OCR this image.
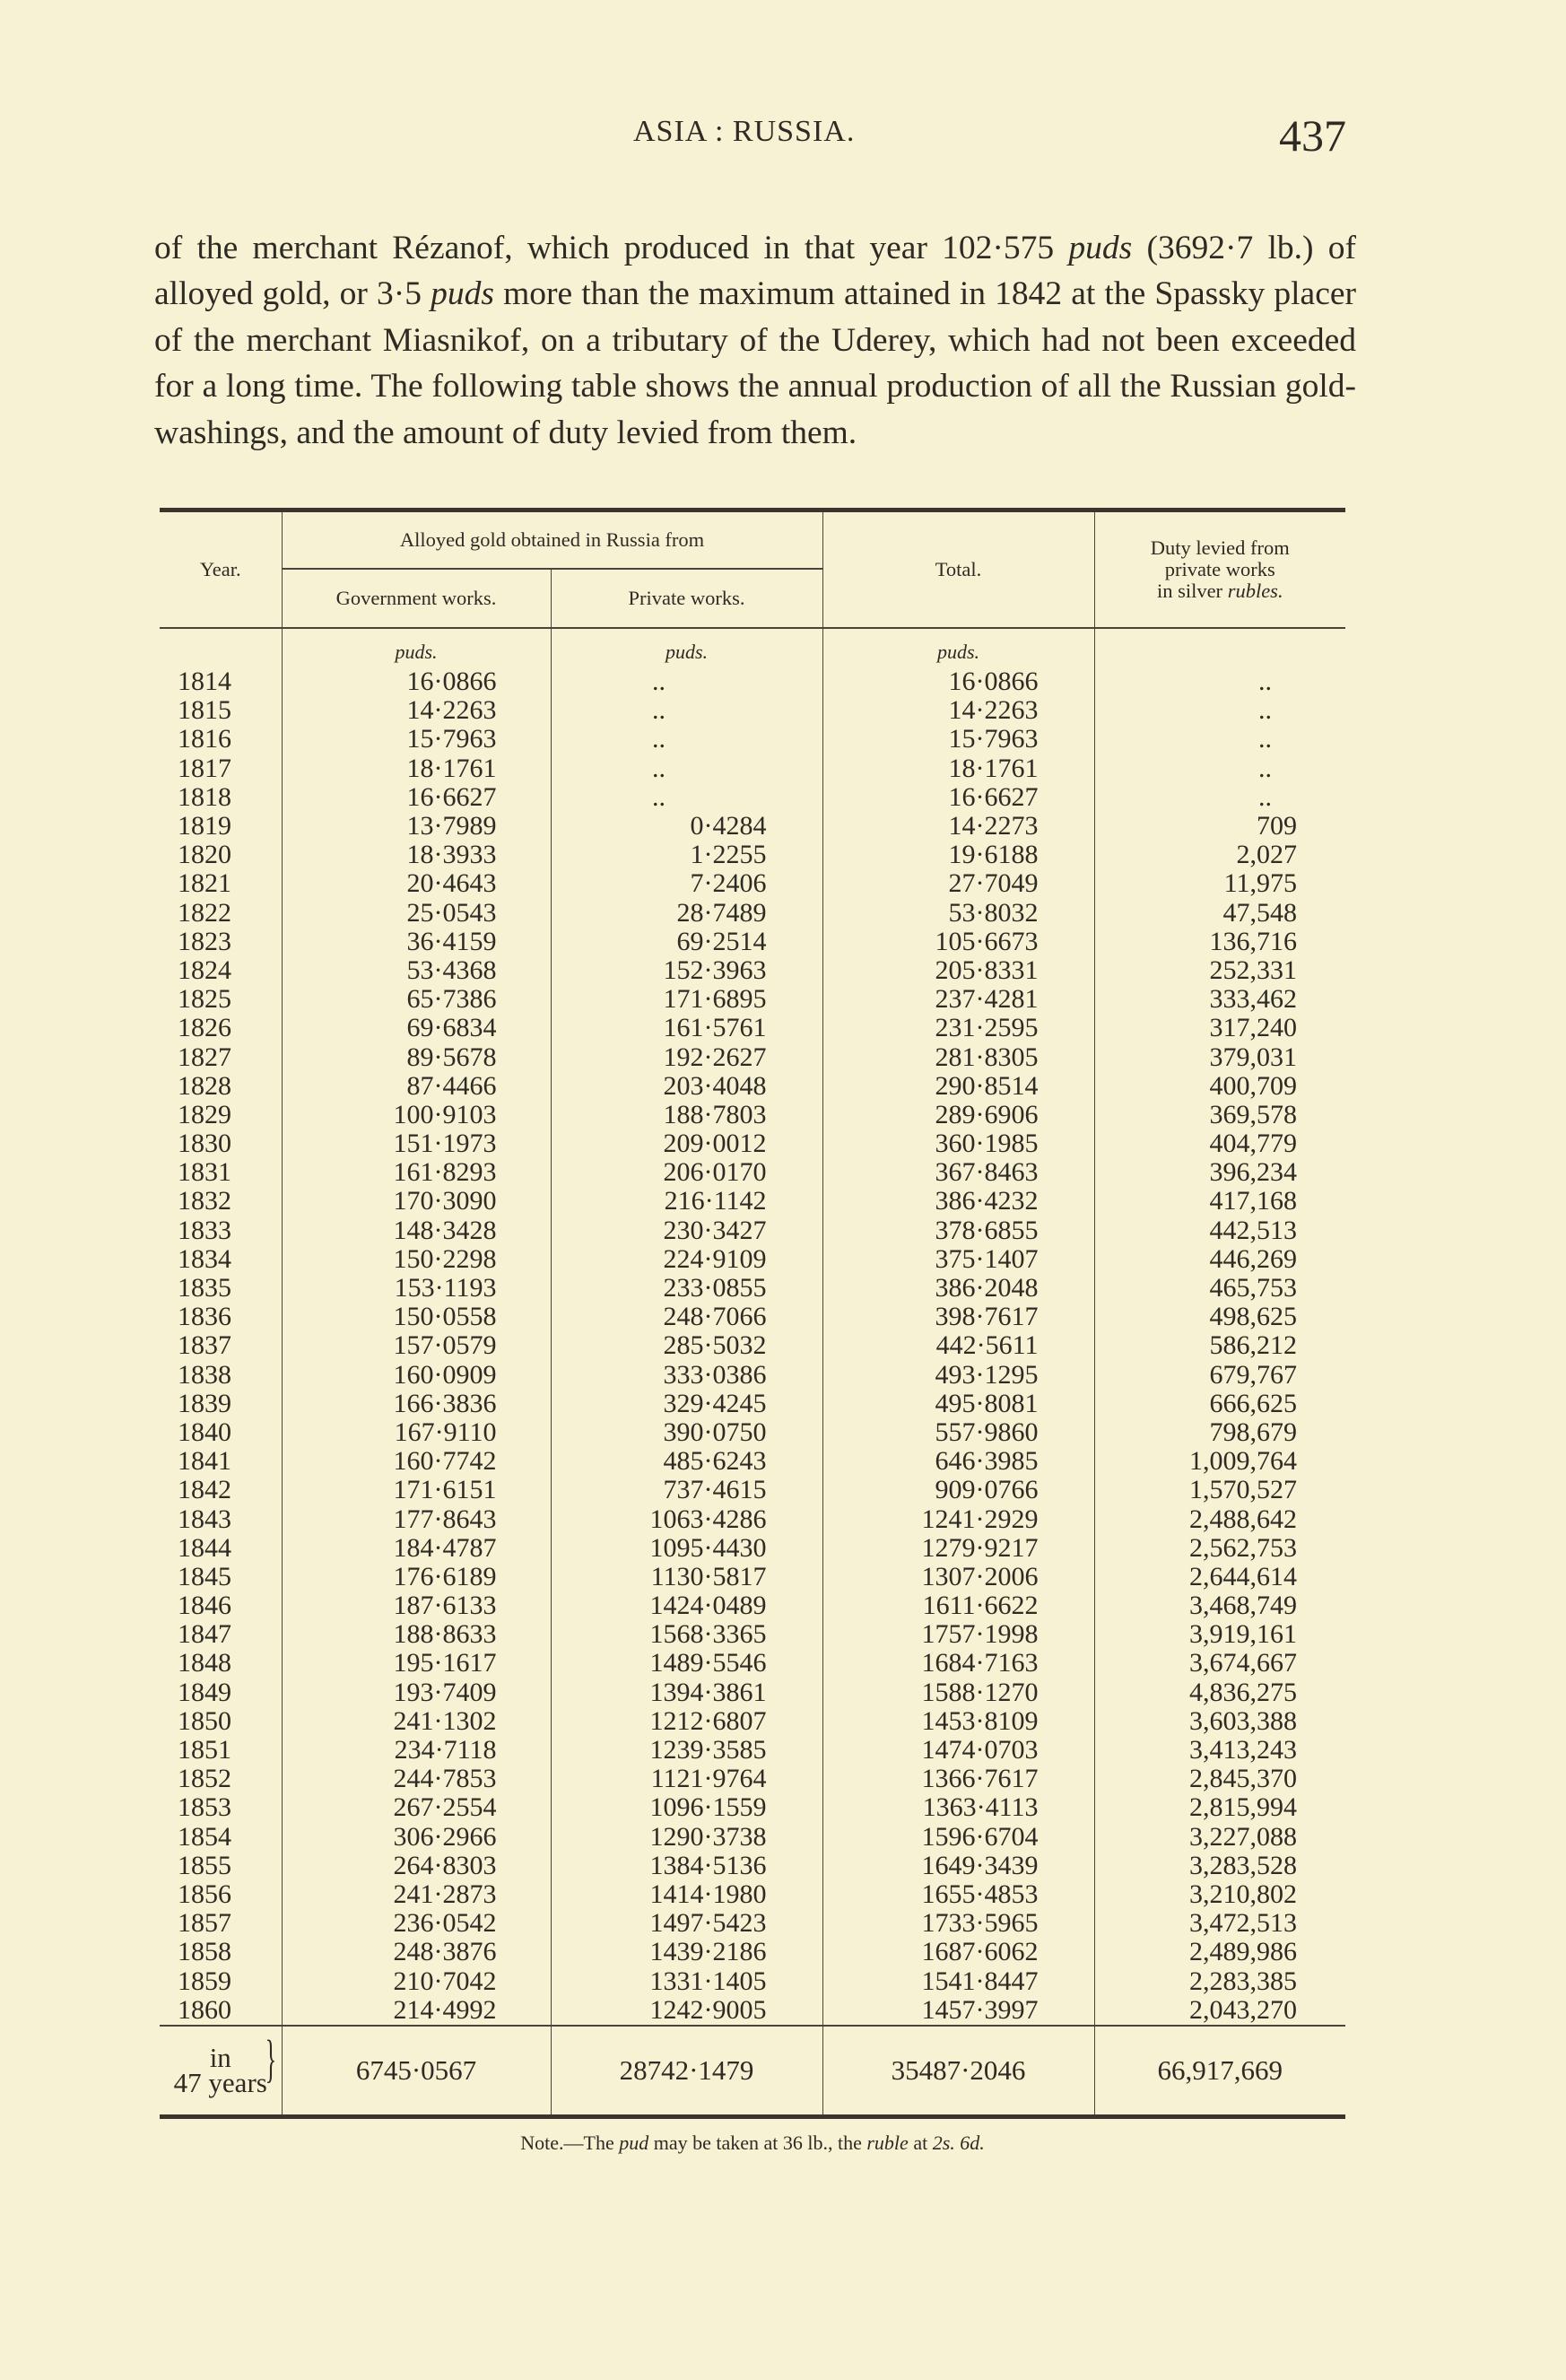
ASIA : RUSSIA.	437

of the merchant Rézanof, which produced in that year 102·575 puds (3692·7 lb.) of alloyed gold, or 3·5 puds more than the maximum attained in 1842 at the Spassky placer of the merchant Miasnikof, on a tributary of the Uderey, which had not been exceeded for a long time. The following table shows the annual production of all the Russian gold-washings, and the amount of duty levied from them.

Year.	Alloyed gold obtained in Russia from		Total.	Duty levied from
private works
in silver rubles.

	Government works.	Private works.		

	puds.	puds.	puds.	
1814	16·0866	..	16·0866	..
1815	14·2263	..	14·2263	..
1816	15·7963	..	15·7963	..
1817	18·1761	..	18·1761	..
1818	16·6627	..	16·6627	..
1819	13·7989	0·4284	14·2273	709
1820	18·3933	1·2255	19·6188	2,027
1821	20·4643	7·2406	27·7049	11,975
1822	25·0543	28·7489	53·8032	47,548
1823	36·4159	69·2514	105·6673	136,716
1824	53·4368	152·3963	205·8331	252,331
1825	65·7386	171·6895	237·4281	333,462
1826	69·6834	161·5761	231·2595	317,240
1827	89·5678	192·2627	281·8305	379,031
1828	87·4466	203·4048	290·8514	400,709
1829	100·9103	188·7803	289·6906	369,578
1830	151·1973	209·0012	360·1985	404,779
1831	161·8293	206·0170	367·8463	396,234
1832	170·3090	216·1142	386·4232	417,168
1833	148·3428	230·3427	378·6855	442,513
1834	150·2298	224·9109	375·1407	446,269
1835	153·1193	233·0855	386·2048	465,753
1836	150·0558	248·7066	398·7617	498,625
1837	157·0579	285·5032	442·5611	586,212
1838	160·0909	333·0386	493·1295	679,767
1839	166·3836	329·4245	495·8081	666,625
1840	167·9110	390·0750	557·9860	798,679
1841	160·7742	485·6243	646·3985	1,009,764
1842	171·6151	737·4615	909·0766	1,570,527
1843	177·8643	1063·4286	1241·2929	2,488,642
1844	184·4787	1095·4430	1279·9217	2,562,753
1845	176·6189	1130·5817	1307·2006	2,644,614
1846	187·6133	1424·0489	1611·6622	3,468,749
1847	188·8633	1568·3365	1757·1998	3,919,161
1848	195·1617	1489·5546	1684·7163	3,674,667
1849	193·7409	1394·3861	1588·1270	4,836,275
1850	241·1302	1212·6807	1453·8109	3,603,388
1851	234·7118	1239·3585	1474·0703	3,413,243
1852	244·7853	1121·9764	1366·7617	2,845,370
1853	267·2554	1096·1559	1363·4113	2,815,994
1854	306·2966	1290·3738	1596·6704	3,227,088
1855	264·8303	1384·5136	1649·3439	3,283,528
1856	241·2873	1414·1980	1655·4853	3,210,802
1857	236·0542	1497·5423	1733·5965	3,472,513
1858	248·3876	1439·2186	1687·6062	2,489,986
1859	210·7042	1331·1405	1541·8447	2,283,385
1860	214·4992	1242·9005	1457·3997	2,043,270

in
47 years
}	6745·0567	28742·1479	35487·2046	66,917,669
Note.—The pud may be taken at 36 lb., the ruble at 2s. 6d.
